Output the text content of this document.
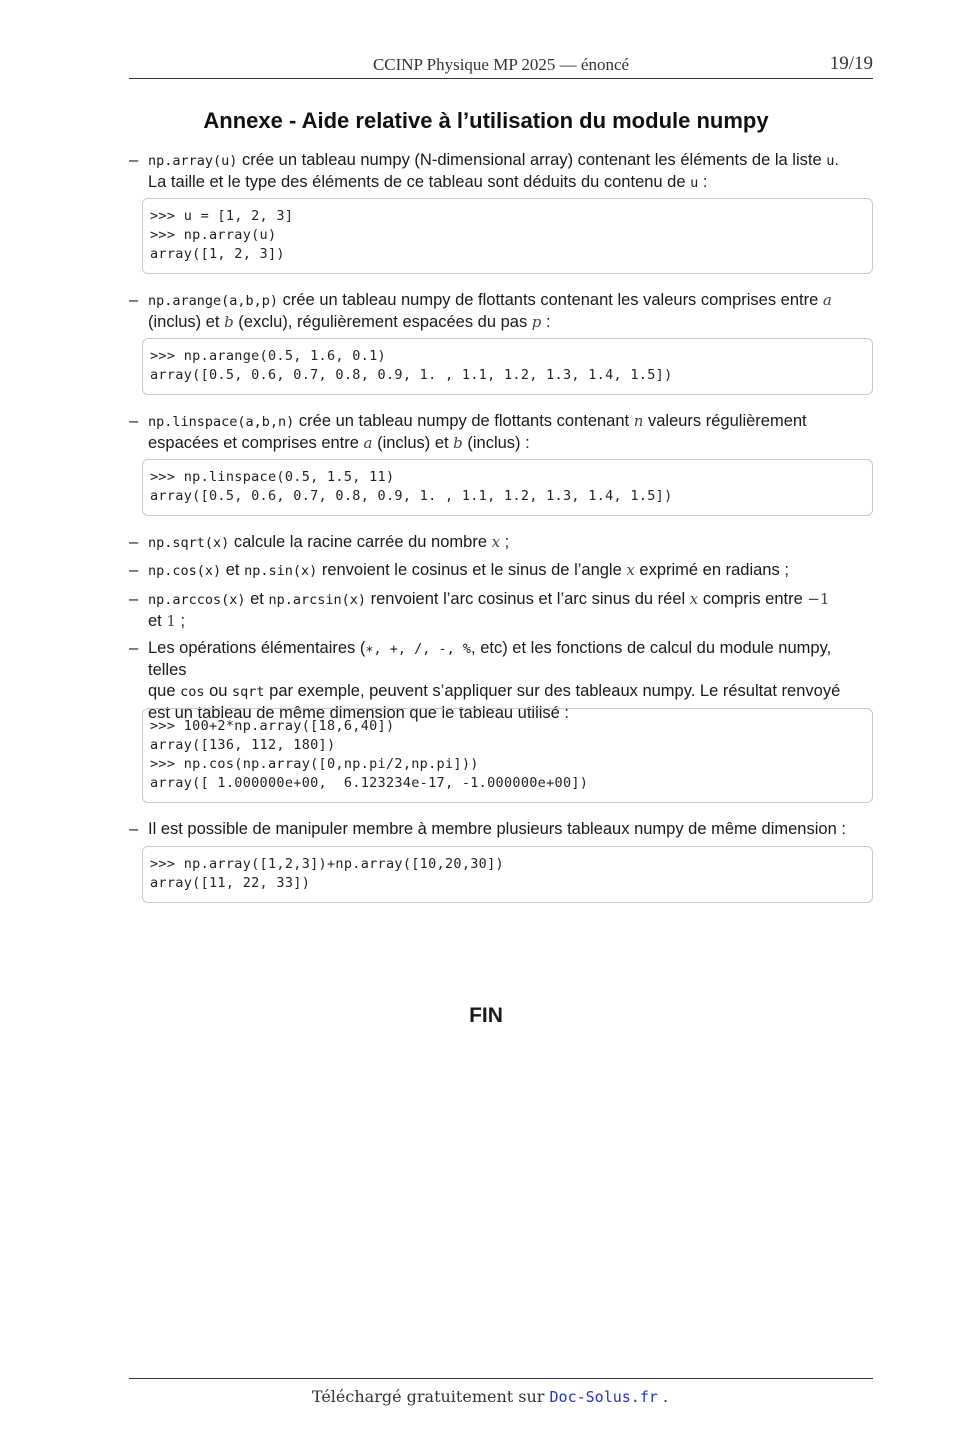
CCINP Physique MP 2025 — énoncé	19/19
Annexe - Aide relative à l’utilisation du module numpy
– np.array(u) crée un tableau numpy (N-dimensional array) contenant les éléments de la liste u.
La taille et le type des éléments de ce tableau sont déduits du contenu de u :
>>> u = [1, 2, 3]
>>> np.array(u)
array([1, 2, 3])
– np.arange(a,b,p) crée un tableau numpy de flottants contenant les valeurs comprises entre a
(inclus) et b (exclu), régulièrement espacées du pas p :
>>> np.arange(0.5, 1.6, 0.1)
array([0.5, 0.6, 0.7, 0.8, 0.9, 1. , 1.1, 1.2, 1.3, 1.4, 1.5])
– np.linspace(a,b,n) crée un tableau numpy de flottants contenant n valeurs régulièrement
espacées et comprises entre a (inclus) et b (inclus) :
>>> np.linspace(0.5, 1.5, 11)
array([0.5, 0.6, 0.7, 0.8, 0.9, 1. , 1.1, 1.2, 1.3, 1.4, 1.5])
– np.sqrt(x) calcule la racine carrée du nombre x ;
– np.cos(x) et np.sin(x) renvoient le cosinus et le sinus de l’angle x exprimé en radians ;
– np.arccos(x) et np.arcsin(x) renvoient l’arc cosinus et l’arc sinus du réel x compris entre −1
et 1 ;
– Les opérations élémentaires (∗, +, /, -, %, etc) et les fonctions de calcul du module numpy, telles
que cos ou sqrt par exemple, peuvent s’appliquer sur des tableaux numpy. Le résultat renvoyé
est un tableau de même dimension que le tableau utilisé :
>>> 100+2*np.array([18,6,40])
array([136, 112, 180])
>>> np.cos(np.array([0,np.pi/2,np.pi]))
array([ 1.000000e+00,  6.123234e-17, -1.000000e+00])
– Il est possible de manipuler membre à membre plusieurs tableaux numpy de même dimension :
>>> np.array([1,2,3])+np.array([10,20,30])
array([11, 22, 33])
FIN
Téléchargé gratuitement sur Doc-Solus.fr .
